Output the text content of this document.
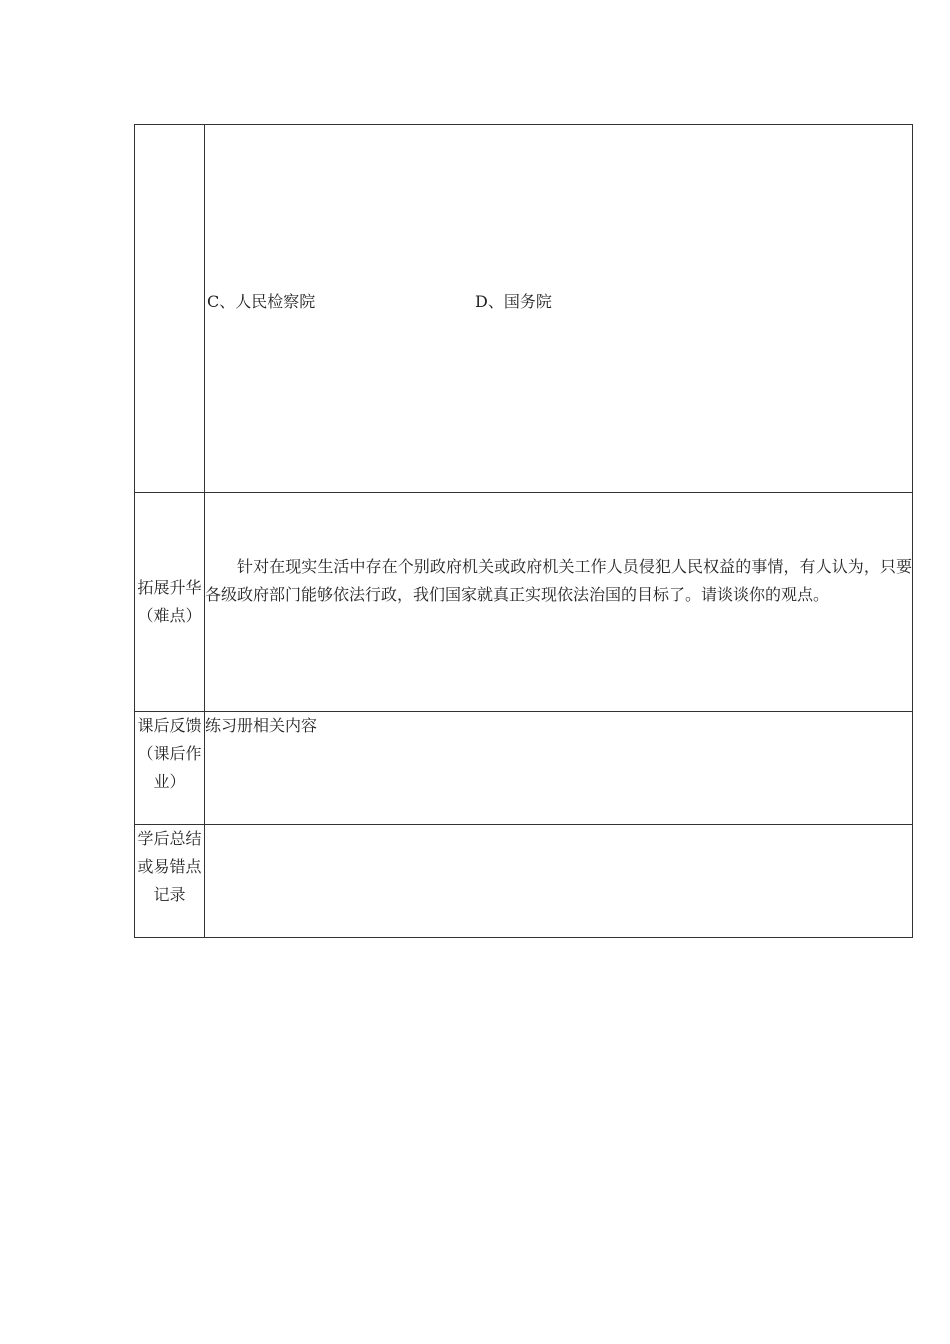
	C、人民检察院 D、国务院

拓展升华（难点）	针对在现实生活中存在个别政府机关或政府机关工作人员侵犯人民权益的事情，有人认为，只要各级政府部门能够依法行政，我们国家就真正实现依法治国的目标了。请谈谈你的观点。

课后反馈（课后作业）	练习册相关内容

学后总结或易错点记录	
